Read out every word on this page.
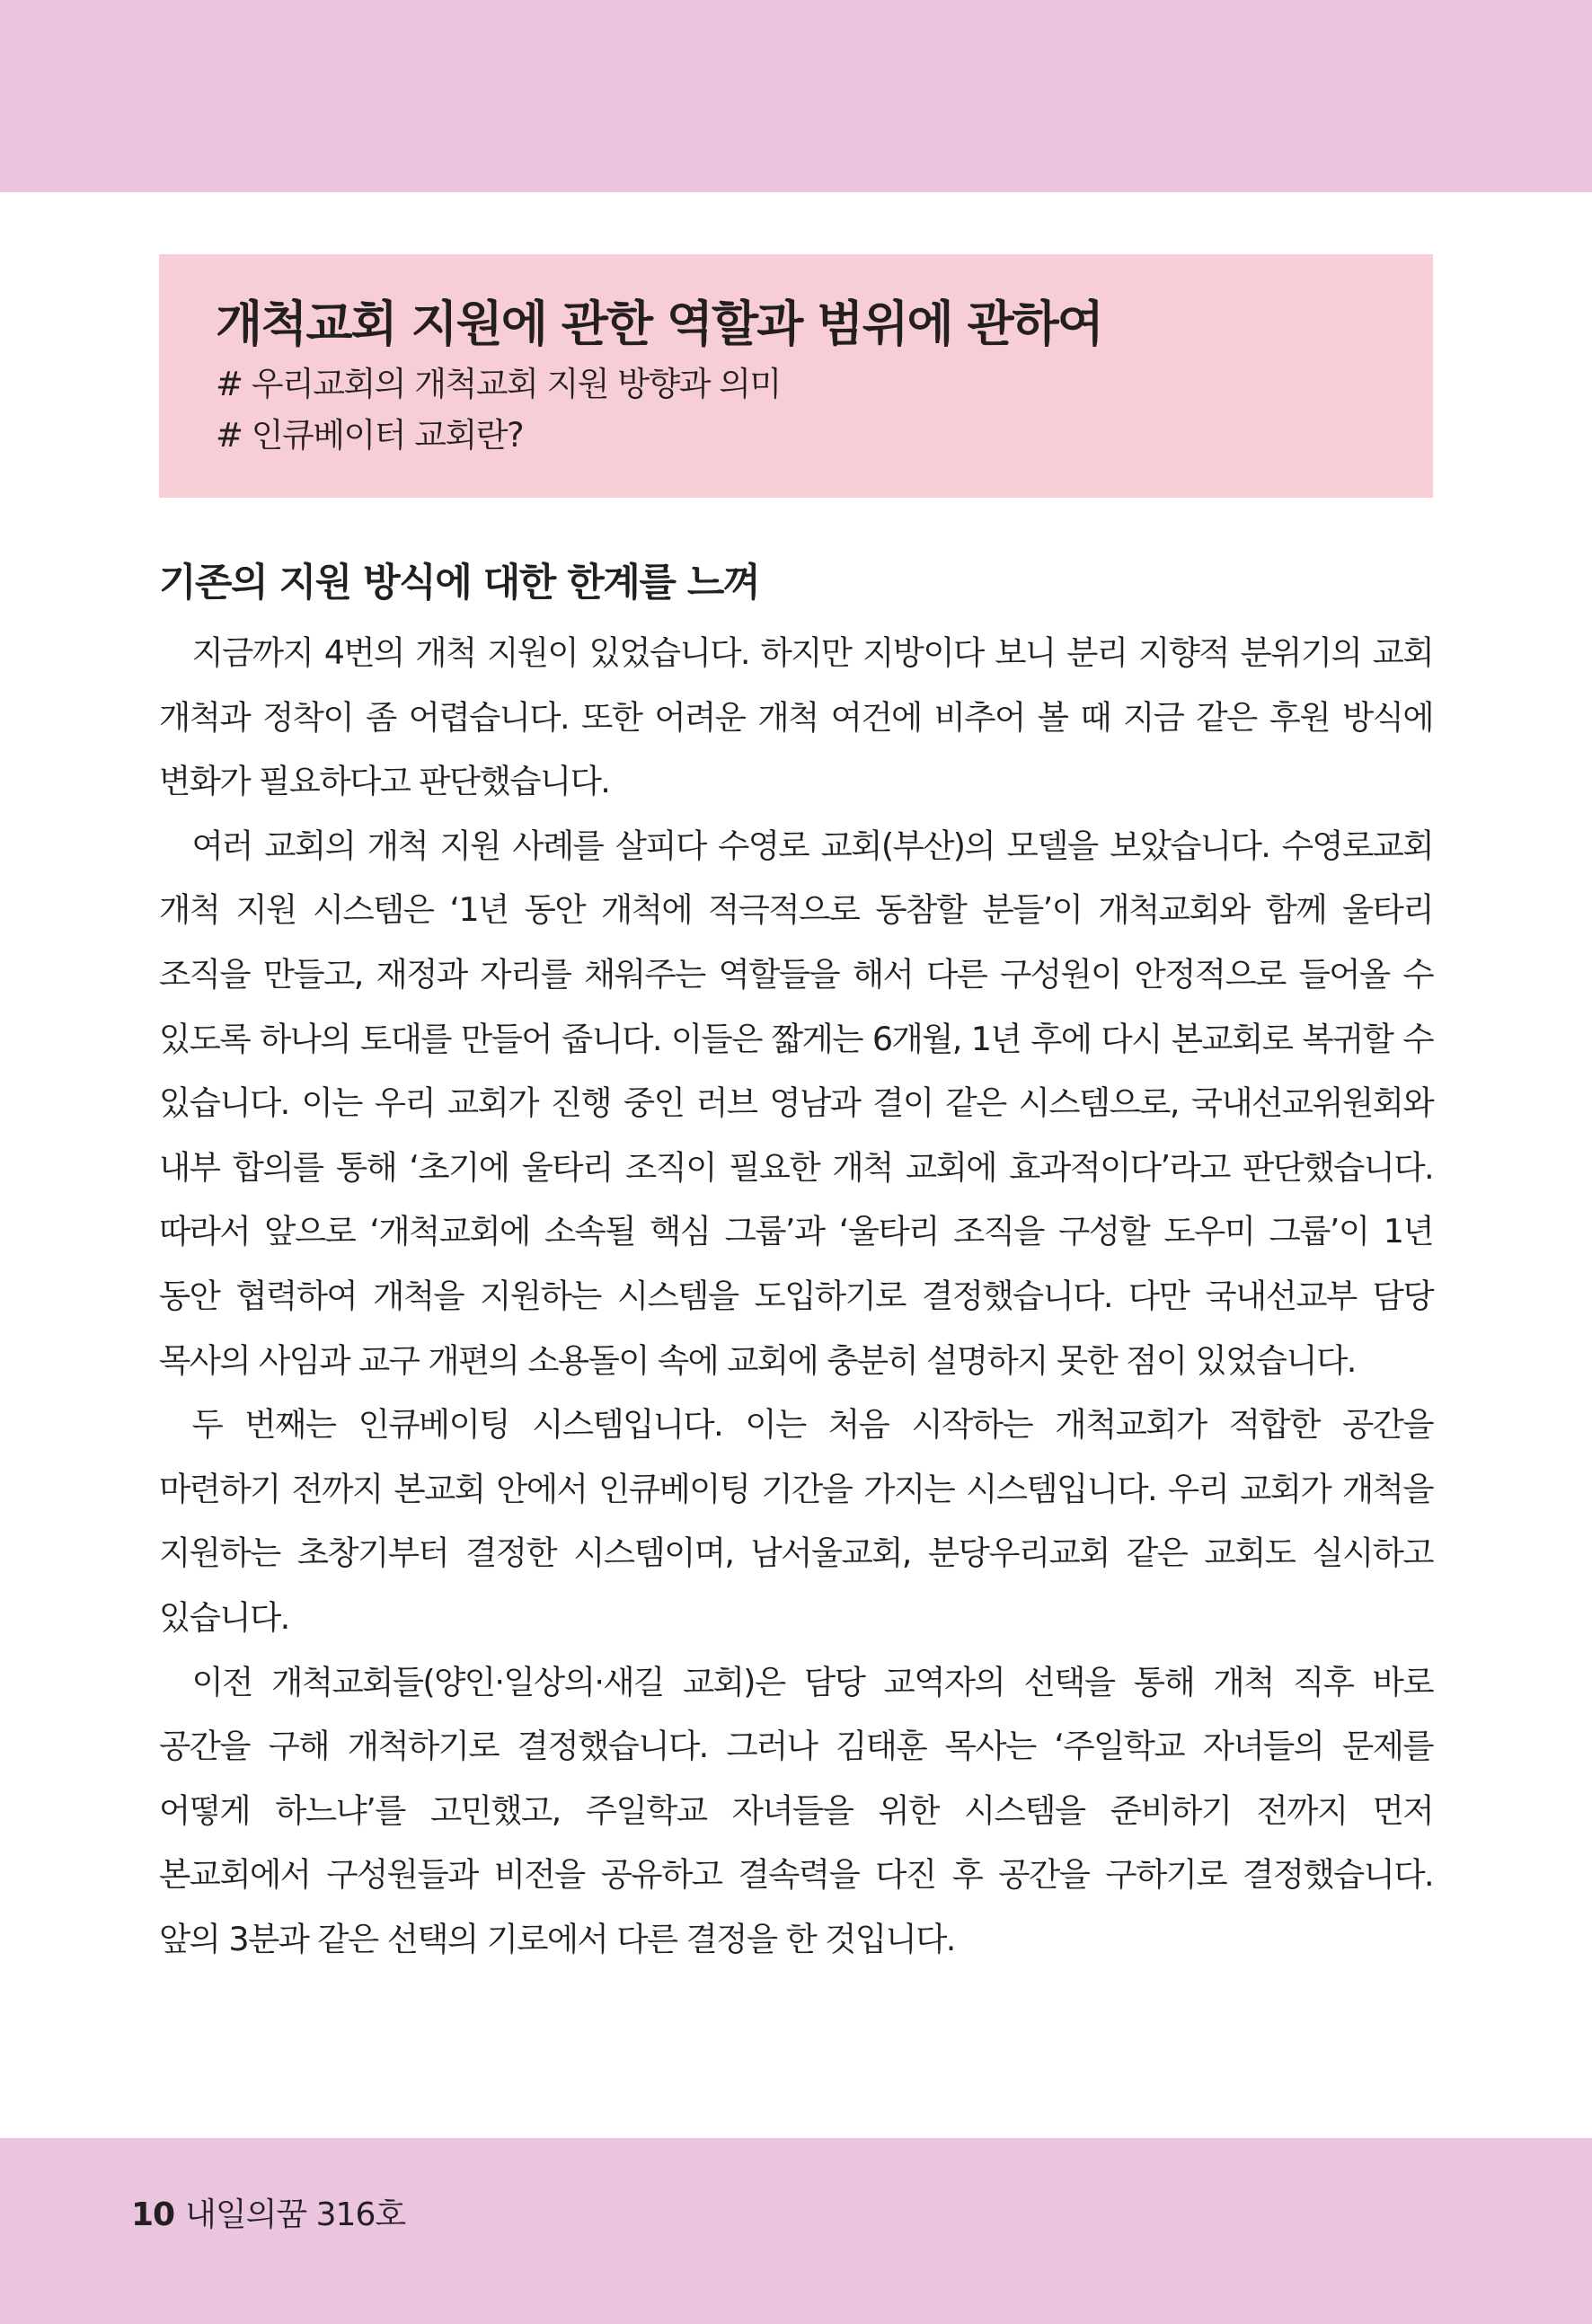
개척교회 지원에 관한 역할과 범위에 관하여

# 우리교회의 개척교회 지원 방향과 의미

# 인큐베이터 교회란?

기존의 지원 방식에 대한 한계를 느껴

지금까지 4번의 개척 지원이 있었습니다. 하지만 지방이다 보니 분리 지향적 분위기의 교회 개척과 정착이 좀 어렵습니다. 또한 어려운 개척 여건에 비추어 볼 때 지금 같은 후원 방식에 변화가 필요하다고 판단했습니다.

여러 교회의 개척 지원 사례를 살피다 수영로 교회(부산)의 모델을 보았습니다. 수영로교회 개척 지원 시스템은 ‘1년 동안 개척에 적극적으로 동참할 분들’이 개척교회와 함께 울타리 조직을 만들고, 재정과 자리를 채워주는 역할들을 해서 다른 구성원이 안정적으로 들어올 수 있도록 하나의 토대를 만들어 줍니다. 이들은 짧게는 6개월, 1년 후에 다시 본교회로 복귀할 수 있습니다. 이는 우리 교회가 진행 중인 러브 영남과 결이 같은 시스템으로, 국내선교위원회와 내부 합의를 통해 ‘초기에 울타리 조직이 필요한 개척 교회에 효과적이다’라고 판단했습니다. 따라서 앞으로 ‘개척교회에 소속될 핵심 그룹’과 ‘울타리 조직을 구성할 도우미 그룹’이 1년 동안 협력하여 개척을 지원하는 시스템을 도입하기로 결정했습니다. 다만 국내선교부 담당 목사의 사임과 교구 개편의 소용돌이 속에 교회에 충분히 설명하지 못한 점이 있었습니다.

두 번째는 인큐베이팅 시스템입니다. 이는 처음 시작하는 개척교회가 적합한 공간을 마련하기 전까지 본교회 안에서 인큐베이팅 기간을 가지는 시스템입니다. 우리 교회가 개척을 지원하는 초창기부터 결정한 시스템이며, 남서울교회, 분당우리교회 같은 교회도 실시하고 있습니다.

이전 개척교회들(양인·일상의·새길 교회)은 담당 교역자의 선택을 통해 개척 직후 바로 공간을 구해 개척하기로 결정했습니다. 그러나 김태훈 목사는 ‘주일학교 자녀들의 문제를 어떻게 하느냐’를 고민했고, 주일학교 자녀들을 위한 시스템을 준비하기 전까지 먼저 본교회에서 구성원들과 비전을 공유하고 결속력을 다진 후 공간을 구하기로 결정했습니다. 앞의 3분과 같은 선택의 기로에서 다른 결정을 한 것입니다.

10 내일의꿈 316호
